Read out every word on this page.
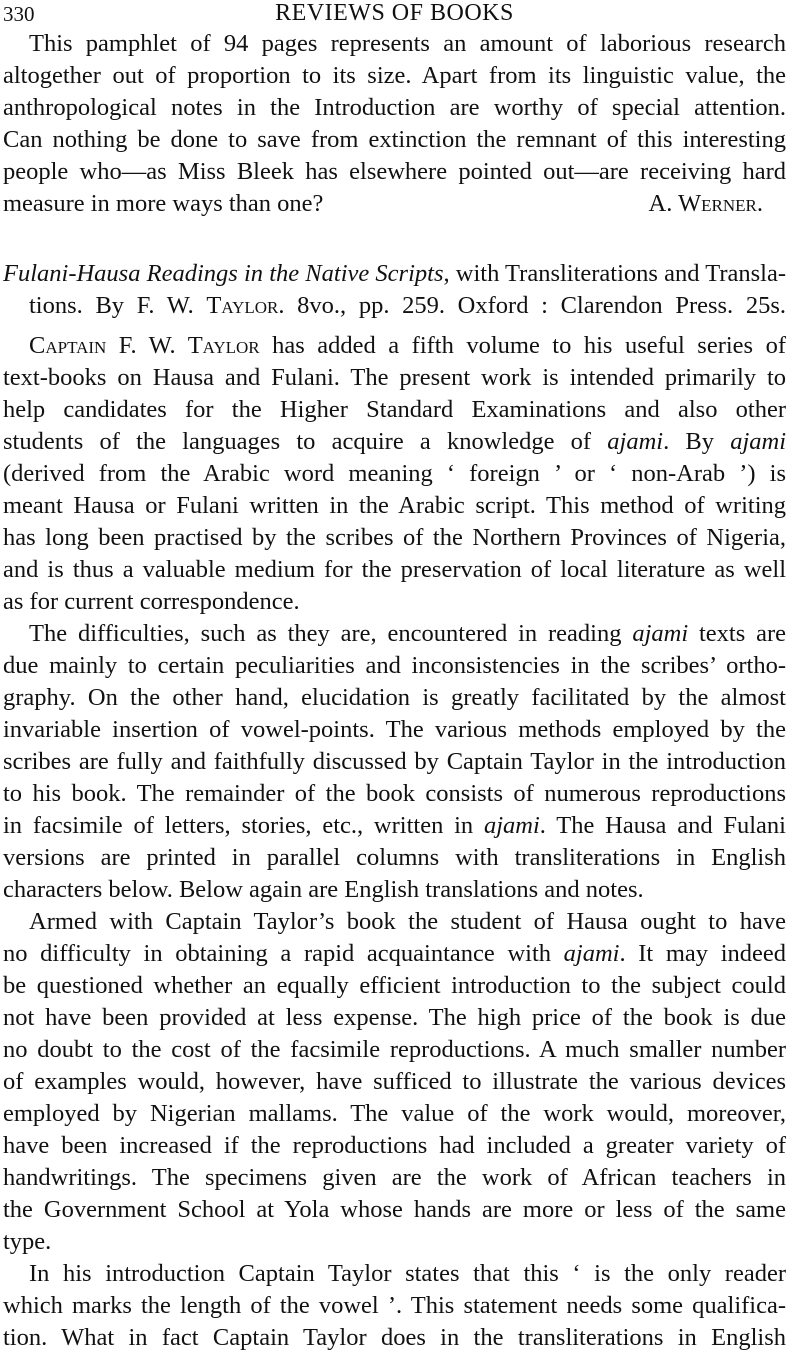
330	REVIEWS OF BOOKS
This pamphlet of 94 pages represents an amount of laborious research
altogether out of proportion to its size. Apart from its linguistic value, the
anthropological notes in the Introduction are worthy of special attention.
Can nothing be done to save from extinction the remnant of this interesting
people who—as Miss Bleek has elsewhere pointed out—are receiving hard
measure in more ways than one?	A. Werner.
Fulani-Hausa Readings in the Native Scripts, with Transliterations and Transla-
tions. By F. W. Taylor. 8vo., pp. 259. Oxford : Clarendon Press. 25s.
Captain F. W. Taylor has added a fifth volume to his useful series of
text-books on Hausa and Fulani. The present work is intended primarily to
help candidates for the Higher Standard Examinations and also other
students of the languages to acquire a knowledge of ajami. By ajami
(derived from the Arabic word meaning ‘ foreign ’ or ‘ non-Arab ’) is
meant Hausa or Fulani written in the Arabic script. This method of writing
has long been practised by the scribes of the Northern Provinces of Nigeria,
and is thus a valuable medium for the preservation of local literature as well
as for current correspondence.
The difficulties, such as they are, encountered in reading ajami texts are
due mainly to certain peculiarities and inconsistencies in the scribes’ ortho-
graphy. On the other hand, elucidation is greatly facilitated by the almost
invariable insertion of vowel-points. The various methods employed by the
scribes are fully and faithfully discussed by Captain Taylor in the introduction
to his book. The remainder of the book consists of numerous reproductions
in facsimile of letters, stories, etc., written in ajami. The Hausa and Fulani
versions are printed in parallel columns with transliterations in English
characters below. Below again are English translations and notes.
Armed with Captain Taylor’s book the student of Hausa ought to have
no difficulty in obtaining a rapid acquaintance with ajami. It may indeed
be questioned whether an equally efficient introduction to the subject could
not have been provided at less expense. The high price of the book is due
no doubt to the cost of the facsimile reproductions. A much smaller number
of examples would, however, have sufficed to illustrate the various devices
employed by Nigerian mallams. The value of the work would, moreover,
have been increased if the reproductions had included a greater variety of
handwritings. The specimens given are the work of African teachers in
the Government School at Yola whose hands are more or less of the same
type.
In his introduction Captain Taylor states that this ‘ is the only reader
which marks the length of the vowel ’. This statement needs some qualifica-
tion. What in fact Captain Taylor does in the transliterations in English
